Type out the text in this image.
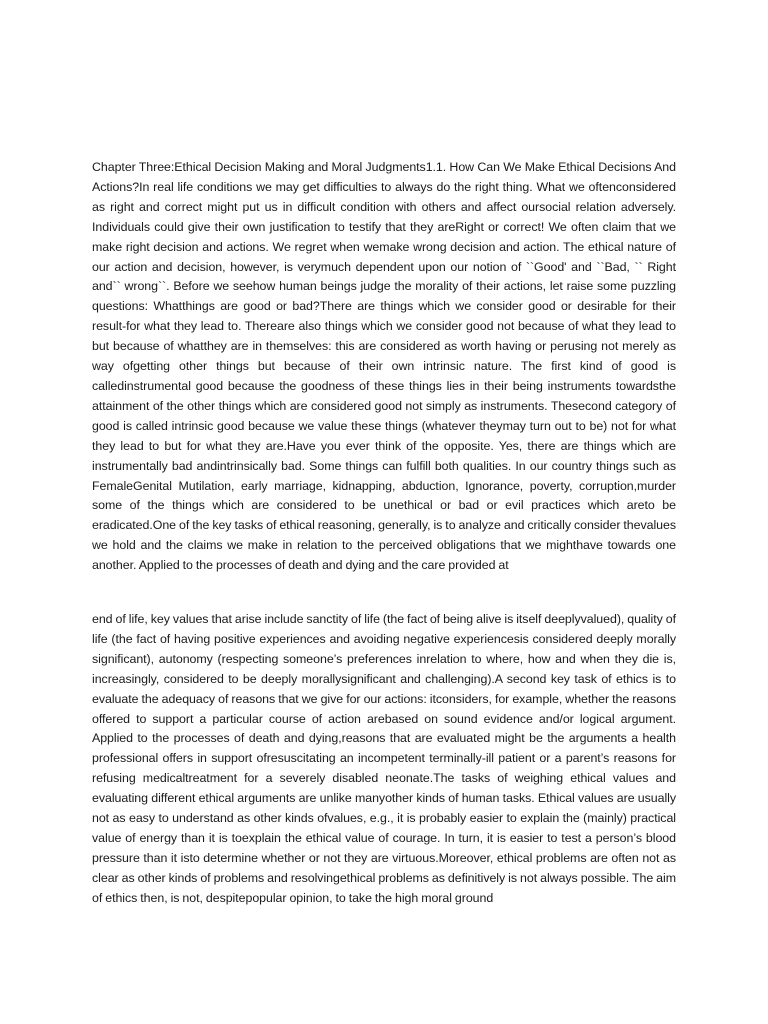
Chapter Three:Ethical Decision Making and Moral Judgments1.1. How Can We Make Ethical Decisions And Actions?In real life conditions we may get difficulties to always do the right thing. What we oftenconsidered as right and correct might put us in difficult condition with others and affect oursocial relation adversely. Individuals could give their own justification to testify that they areRight or correct! We often claim that we make right decision and actions. We regret when wemake wrong decision and action. The ethical nature of our action and decision, however, is verymuch dependent upon our notion of ``Good' and ``Bad, `` Right and`` wrong``. Before we seehow human beings judge the morality of their actions, let raise some puzzling questions: Whatthings are good or bad?There are things which we consider good or desirable for their result-for what they lead to. Thereare also things which we consider good not because of what they lead to but because of whatthey are in themselves: this are considered as worth having or perusing not merely as way ofgetting other things but because of their own intrinsic nature. The first kind of good is calledinstrumental good because the goodness of these things lies in their being instruments towardsthe attainment of the other things which are considered good not simply as instruments. Thesecond category of good is called intrinsic good because we value these things (whatever theymay turn out to be) not for what they lead to but for what they are.Have you ever think of the opposite. Yes, there are things which are instrumentally bad andintrinsically bad. Some things can fulfill both qualities. In our country things such as FemaleGenital Mutilation, early marriage, kidnapping, abduction, Ignorance, poverty, corruption,murder some of the things which are considered to be unethical or bad or evil practices which areto be eradicated.One of the key tasks of ethical reasoning, generally, is to analyze and critically consider thevalues we hold and the claims we make in relation to the perceived obligations that we mighthave towards one another. Applied to the processes of death and dying and the care provided at

end of life, key values that arise include sanctity of life (the fact of being alive is itself deeplyvalued), quality of life (the fact of having positive experiences and avoiding negative experiencesis considered deeply morally significant), autonomy (respecting someone’s preferences inrelation to where, how and when they die is, increasingly, considered to be deeply morallysignificant and challenging).A second key task of ethics is to evaluate the adequacy of reasons that we give for our actions: itconsiders, for example, whether the reasons offered to support a particular course of action arebased on sound evidence and/or logical argument. Applied to the processes of death and dying,reasons that are evaluated might be the arguments a health professional offers in support ofresuscitating an incompetent terminally-ill patient or a parent’s reasons for refusing medicaltreatment for a severely disabled neonate.The tasks of weighing ethical values and evaluating different ethical arguments are unlike manyother kinds of human tasks. Ethical values are usually not as easy to understand as other kinds ofvalues, e.g., it is probably easier to explain the (mainly) practical value of energy than it is toexplain the ethical value of courage. In turn, it is easier to test a person’s blood pressure than it isto determine whether or not they are virtuous.Moreover, ethical problems are often not as clear as other kinds of problems and resolvingethical problems as definitively is not always possible. The aim of ethics then, is not, despitepopular opinion, to take the high moral ground
